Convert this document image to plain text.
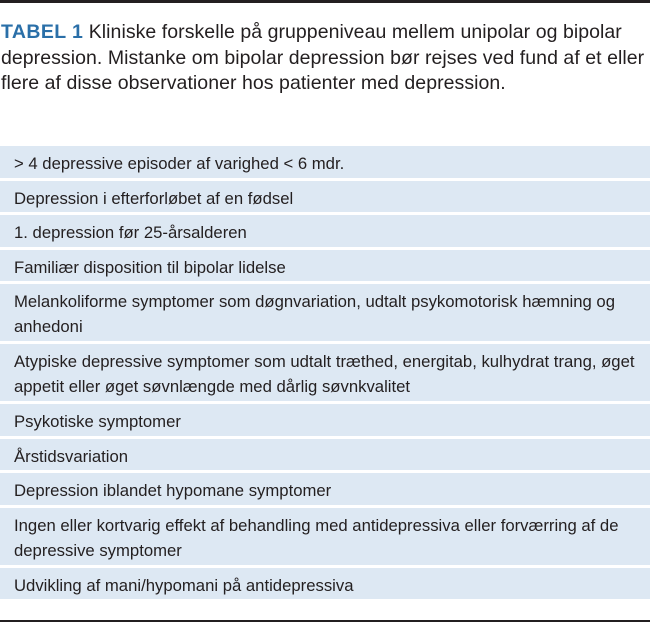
TABEL 1 Kliniske forskelle på gruppeniveau mellem unipolar og bipolar depression. Mistanke om bipolar depression bør rejses ved fund af et eller flere af disse observationer hos patienter med depression.
> 4 depressive episoder af varighed < 6 mdr.
Depression i efterforløbet af en fødsel
1. depression før 25-årsalderen
Familiær disposition til bipolar lidelse
Melankoliforme symptomer som døgnvariation, udtalt psykomotorisk hæmning og anhedoni
Atypiske depressive symptomer som udtalt træthed, energitab, kulhydrat trang, øget appetit eller øget søvnlængde med dårlig søvnkvalitet
Psykotiske symptomer
Årstidsvariation
Depression iblandet hypomane symptomer
Ingen eller kortvarig effekt af behandling med antidepressiva eller forværring af de depressive symptomer
Udvikling af mani/hypomani på antidepressiva
